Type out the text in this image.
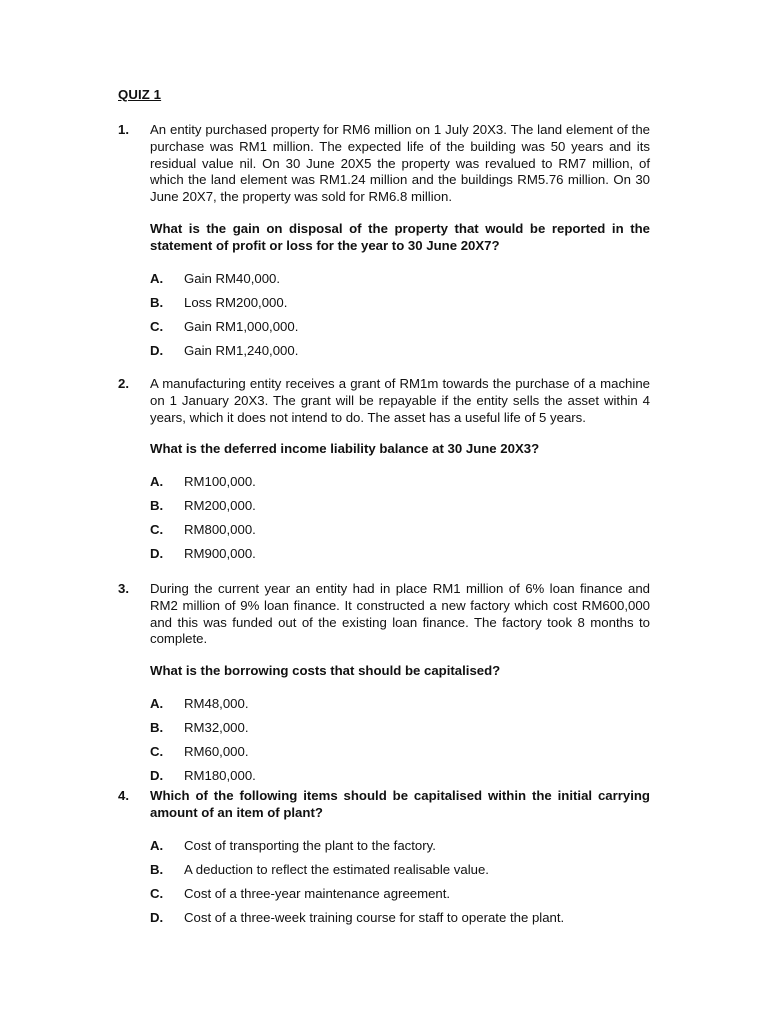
QUIZ 1
1. An entity purchased property for RM6 million on 1 July 20X3. The land element of the purchase was RM1 million. The expected life of the building was 50 years and its residual value nil. On 30 June 20X5 the property was revalued to RM7 million, of which the land element was RM1.24 million and the buildings RM5.76 million. On 30 June 20X7, the property was sold for RM6.8 million.

What is the gain on disposal of the property that would be reported in the statement of profit or loss for the year to 30 June 20X7?

A. Gain RM40,000.
B. Loss RM200,000.
C. Gain RM1,000,000.
D. Gain RM1,240,000.
2. A manufacturing entity receives a grant of RM1m towards the purchase of a machine on 1 January 20X3. The grant will be repayable if the entity sells the asset within 4 years, which it does not intend to do. The asset has a useful life of 5 years.

What is the deferred income liability balance at 30 June 20X3?

A. RM100,000.
B. RM200,000.
C. RM800,000.
D. RM900,000.
3. During the current year an entity had in place RM1 million of 6% loan finance and RM2 million of 9% loan finance. It constructed a new factory which cost RM600,000 and this was funded out of the existing loan finance. The factory took 8 months to complete.

What is the borrowing costs that should be capitalised?

A. RM48,000.
B. RM32,000.
C. RM60,000.
D. RM180,000.
4. Which of the following items should be capitalised within the initial carrying amount of an item of plant?

A. Cost of transporting the plant to the factory.
B. A deduction to reflect the estimated realisable value.
C. Cost of a three-year maintenance agreement.
D. Cost of a three-week training course for staff to operate the plant.
